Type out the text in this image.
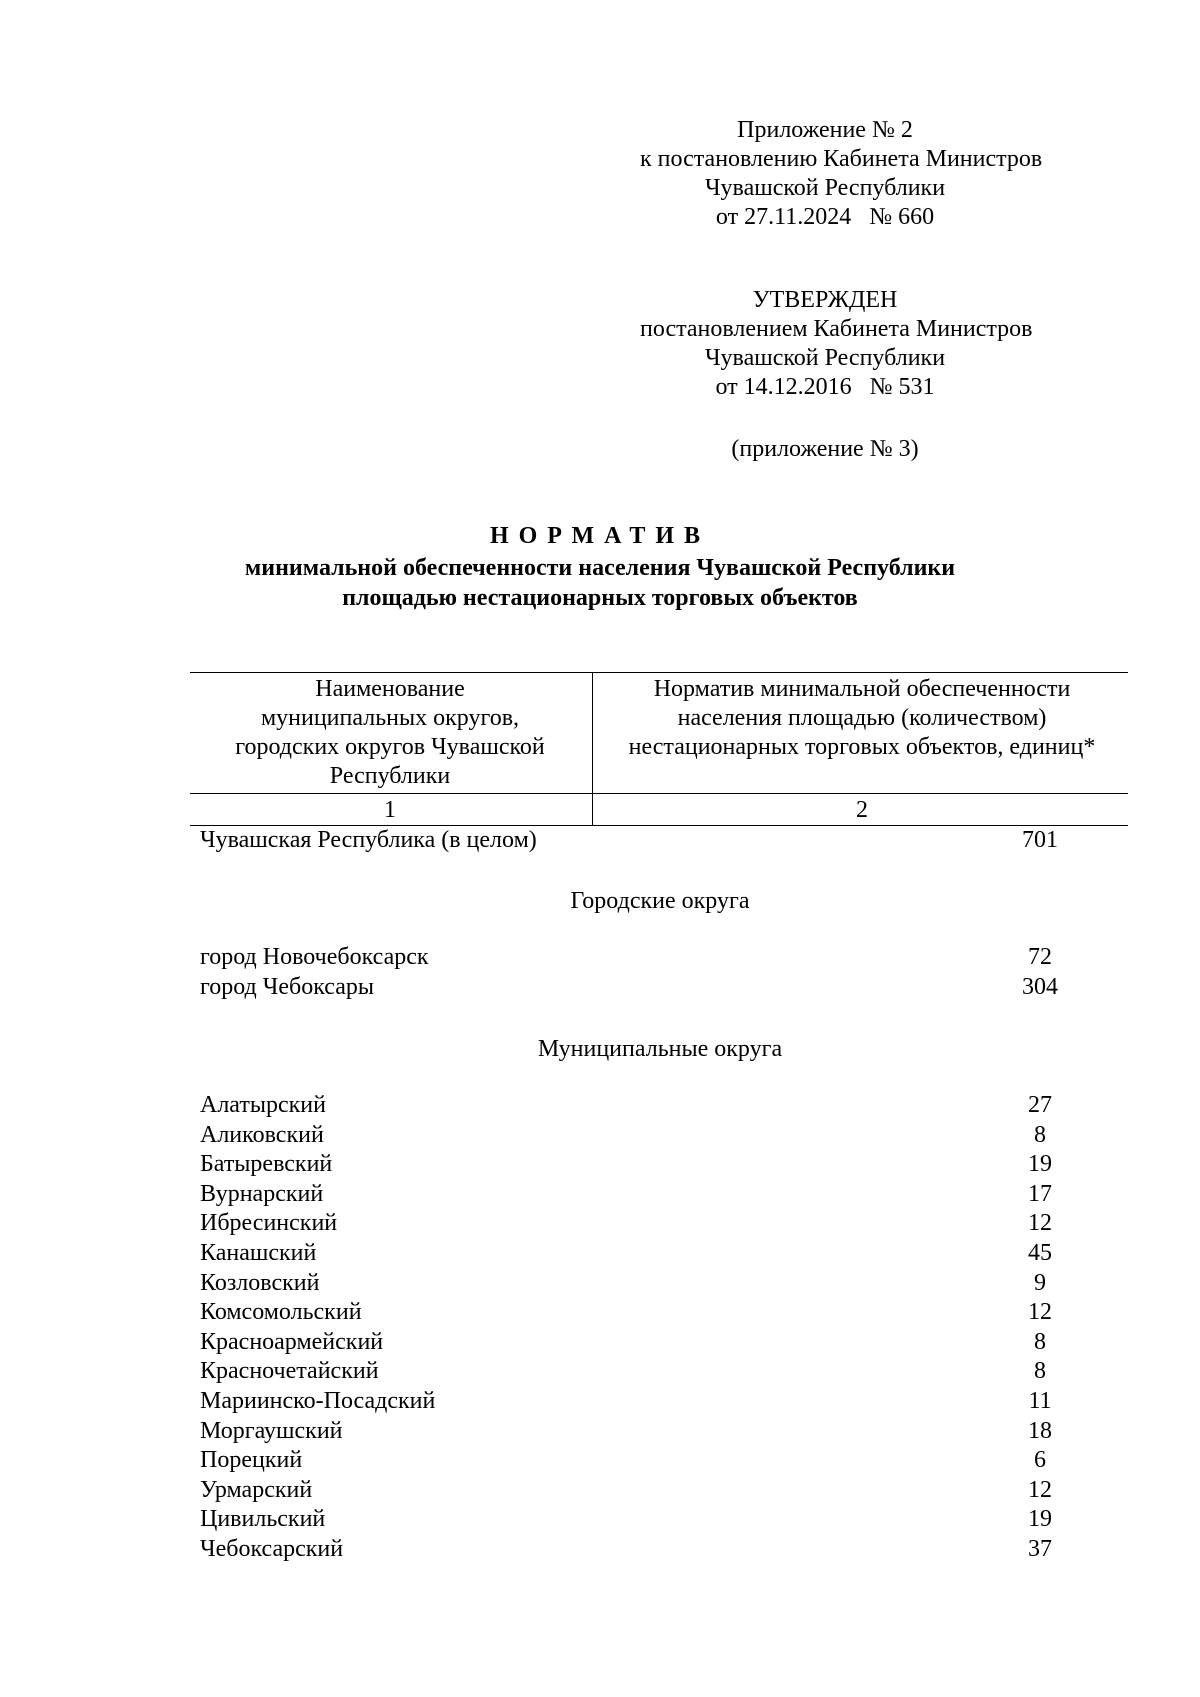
Приложение № 2
к постановлению Кабинета Министров
Чувашской Республики
от 27.11.2024   № 660
УТВЕРЖДЕН
постановлением Кабинета Министров
Чувашской Республики
от 14.12.2016   № 531
(приложение № 3)
НОРМАТИВ
минимальной обеспеченности населения Чувашской Республики
площадью нестационарных торговых объектов
Наименование
муниципальных округов,
городских округов Чувашской
Республики
Норматив минимальной обеспеченности
населения площадью (количеством)
нестационарных торговых объектов, единиц*
1	2
Чувашская Республика (в целом)	701
Городские округа
город Новочебоксарск	72
город Чебоксары	304
Муниципальные округа
Алатырский	27
Аликовский	8
Батыревский	19
Вурнарский	17
Ибресинский	12
Канашский	45
Козловский	9
Комсомольский	12
Красноармейский	8
Красночетайский	8
Мариинско-Посадский	11
Моргаушский	18
Порецкий	6
Урмарский	12
Цивильский	19
Чебоксарский	37
